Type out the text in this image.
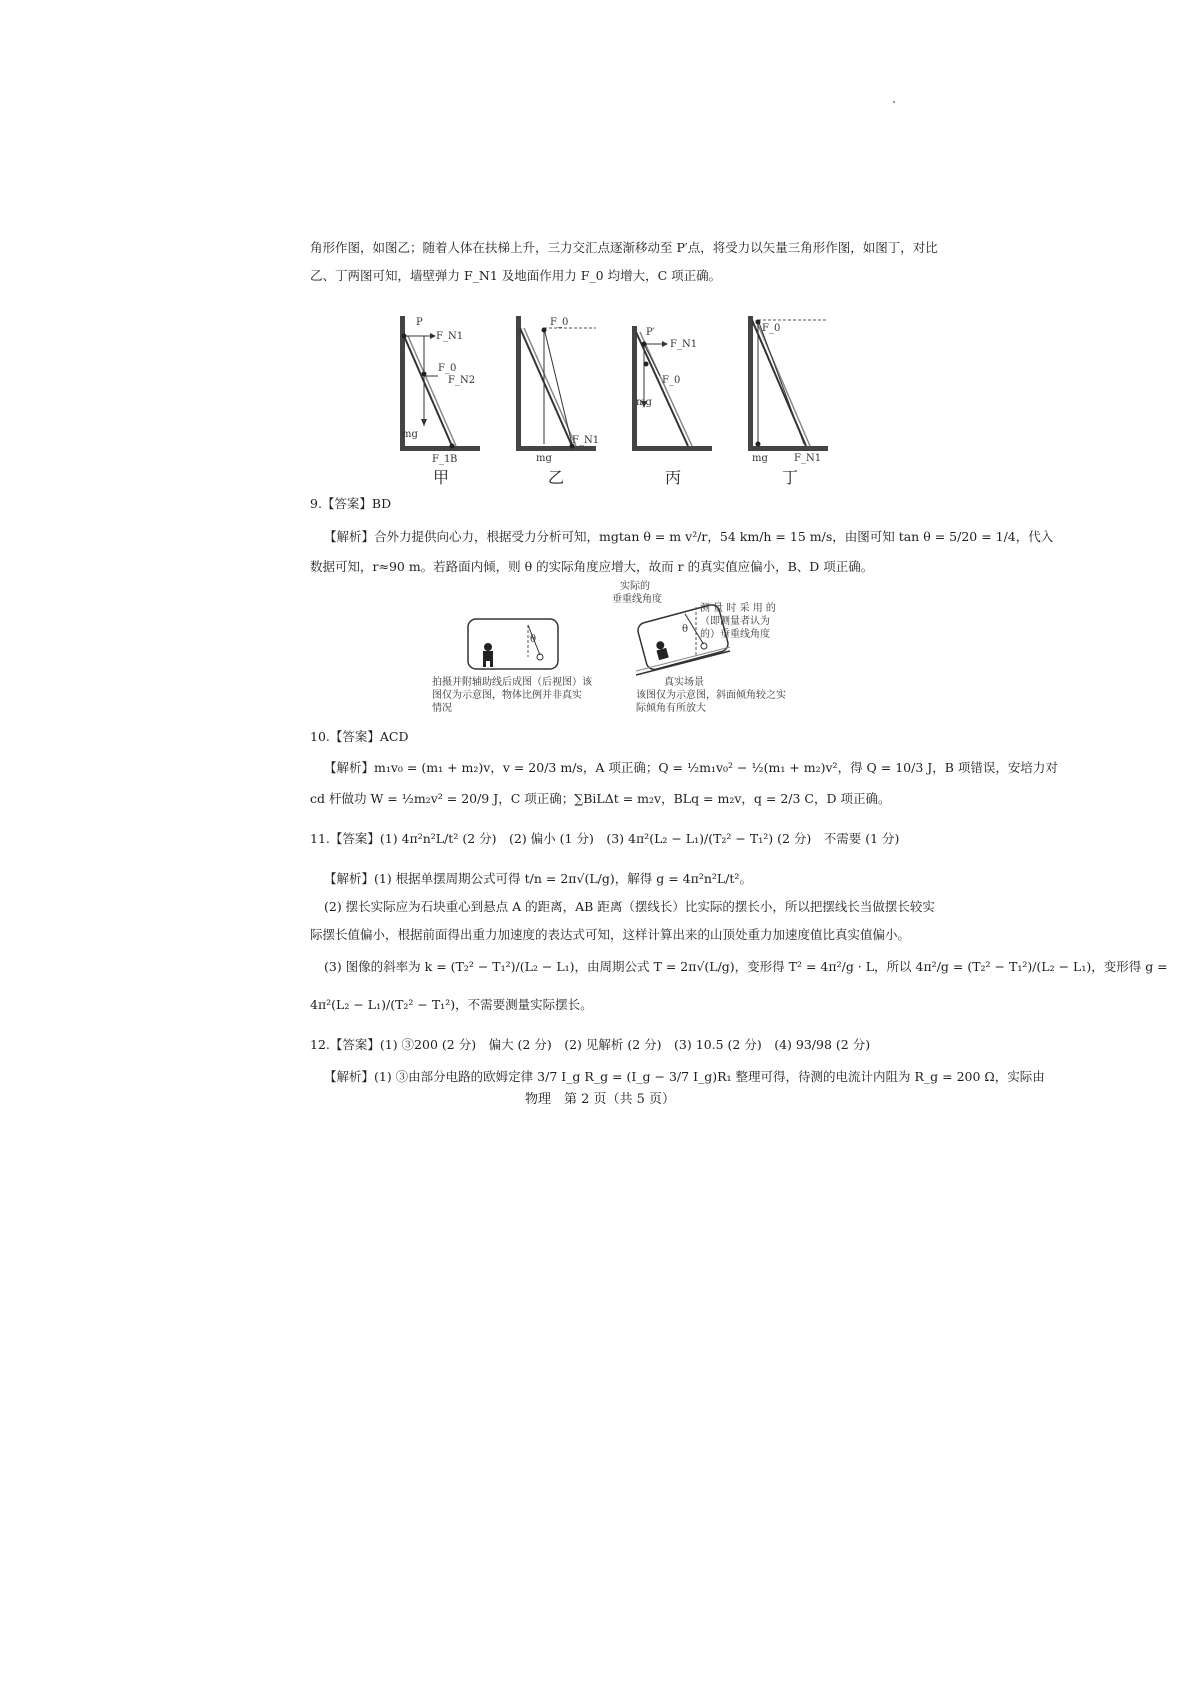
角形作图，如图乙；随着人体在扶梯上升，三力交汇点逐渐移动至 P′点，将受力以矢量三角形作图，如图丁，对比
乙、丁两图可知，墙壁弹力 F_N1 及地面作用力 F_0 均增大，C 项正确。
P
F_N1
F_0
F_N2
mg
F_1 B
F_0
F_N1
mg
P′
F_N1
F_0
mg
F_0
mg	F_N1
甲	乙	丙	丁
9.【答案】BD
【解析】合外力提供向心力，根据受力分析可知，mgtan θ = m v²/r，54 km/h = 15 m/s，由图可知 tan θ = 5/20 = 1/4，代入
数据可知，r≈90 m。若路面内倾，则 θ 的实际角度应增大，故而 r 的真实值应偏小，B、D 项正确。
θ
拍摄并附辅助线后成图（后视图）该
图仅为示意图，物体比例并非真实
情况
实际的
垂重线角度
测 量 时 采 用 的
（即测量者认为
的）垂重线角度
θ
真实场景
该图仅为示意图，斜面倾角较之实
际倾角有所放大
10.【答案】ACD
【解析】m₁v₀ = (m₁ + m₂)v，v = 20/3 m/s，A 项正确；Q = ½m₁v₀² − ½(m₁ + m₂)v²，得 Q = 10/3 J，B 项错误，安培力对
cd 杆做功 W = ½m₂v² = 20/9 J，C 项正确；∑BiLΔt = m₂v，BLq = m₂v，q = 2/3 C，D 项正确。
11.【答案】(1) 4π²n²L/t² (2 分)　(2) 偏小 (1 分)　(3) 4π²(L₂ − L₁)/(T₂² − T₁²) (2 分)　不需要 (1 分)
【解析】(1) 根据单摆周期公式可得 t/n = 2π√(L/g)，解得 g = 4π²n²L/t²。
(2) 摆长实际应为石块重心到悬点 A 的距离，AB 距离（摆线长）比实际的摆长小，所以把摆线长当做摆长较实
际摆长值偏小，根据前面得出重力加速度的表达式可知，这样计算出来的山顶处重力加速度值比真实值偏小。
(3) 图像的斜率为 k = (T₂² − T₁²)/(L₂ − L₁)，由周期公式 T = 2π√(L/g)，变形得 T² = 4π²/g · L，所以 4π²/g = (T₂² − T₁²)/(L₂ − L₁)，变形得 g =
4π²(L₂ − L₁)/(T₂² − T₁²)，不需要测量实际摆长。
12.【答案】(1) ③200 (2 分)　偏大 (2 分)　(2) 见解析 (2 分)　(3) 10.5 (2 分)　(4) 93/98 (2 分)
【解析】(1) ③由部分电路的欧姆定律 3/7 I_g R_g = (I_g − 3/7 I_g)R₁ 整理可得，待测的电流计内阻为 R_g = 200 Ω，实际由
物理　第 2 页（共 5 页）
